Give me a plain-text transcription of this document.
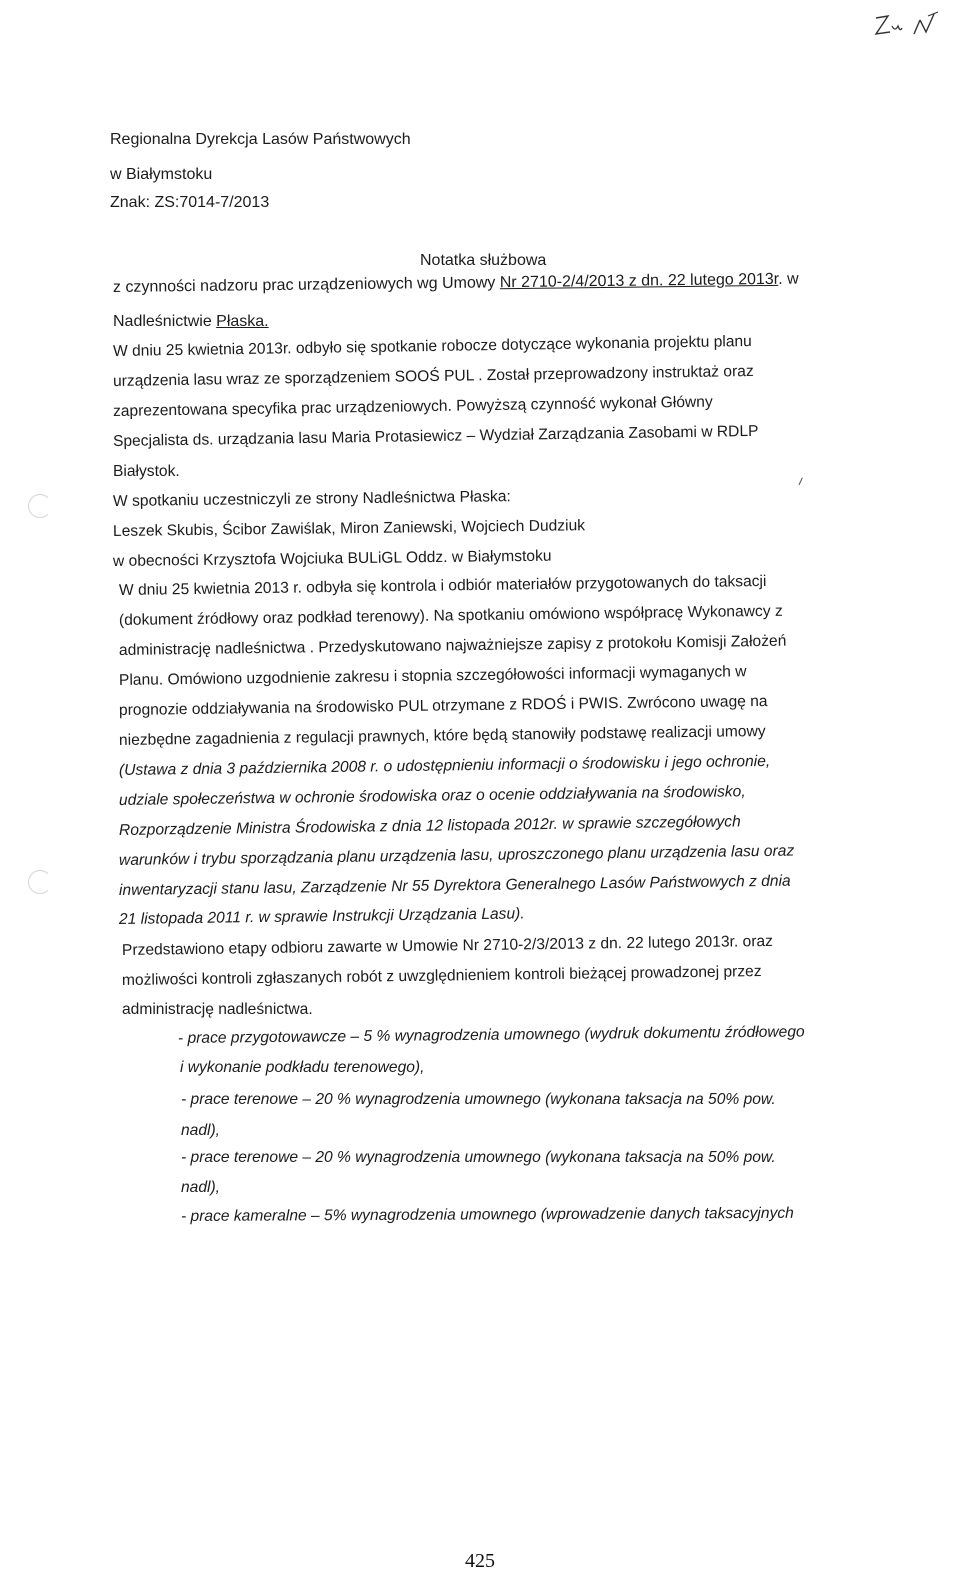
Regionalna Dyrekcja Lasów Państwowych
w Białymstoku
Znak: ZS:7014-7/2013
Notatka służbowa
z czynności nadzoru prac urządzeniowych wg Umowy Nr 2710-2/4/2013 z dn. 22 lutego 2013r. w
Nadleśnictwie Płaska.
W dniu 25 kwietnia 2013r. odbyło się spotkanie robocze dotyczące wykonania projektu planu
urządzenia lasu wraz ze sporządzeniem SOOŚ PUL . Został przeprowadzony instruktaż oraz
zaprezentowana specyfika prac urządzeniowych. Powyższą czynność wykonał Główny
Specjalista ds. urządzania lasu Maria Protasiewicz – Wydział Zarządzania Zasobami w RDLP
Białystok.
W spotkaniu uczestniczyli ze strony Nadleśnictwa Płaska:
Leszek Skubis, Ścibor Zawiślak, Miron Zaniewski, Wojciech Dudziuk
w obecności Krzysztofa Wojciuka BULiGL Oddz. w Białymstoku
W dniu 25 kwietnia 2013 r. odbyła się kontrola i odbiór materiałów przygotowanych do taksacji
(dokument źródłowy oraz podkład terenowy). Na spotkaniu omówiono współpracę Wykonawcy z
administrację nadleśnictwa . Przedyskutowano najważniejsze zapisy z protokołu Komisji Założeń
Planu. Omówiono uzgodnienie zakresu i stopnia szczegółowości informacji wymaganych w
prognozie oddziaływania na środowisko PUL otrzymane z RDOŚ i PWIS. Zwrócono uwagę na
niezbędne zagadnienia z regulacji prawnych, które będą stanowiły podstawę realizacji umowy
(Ustawa z dnia 3 października 2008 r. o udostępnieniu informacji o środowisku i jego ochronie,
udziale społeczeństwa w ochronie środowiska oraz o ocenie oddziaływania na środowisko,
Rozporządzenie Ministra Środowiska z dnia 12 listopada 2012r. w sprawie szczegółowych
warunków i trybu sporządzania planu urządzenia lasu, uproszczonego planu urządzenia lasu oraz
inwentaryzacji stanu lasu, Zarządzenie Nr 55 Dyrektora Generalnego Lasów Państwowych z dnia
21 listopada 2011 r. w sprawie Instrukcji Urządzania Lasu).
Przedstawiono etapy odbioru zawarte w Umowie Nr 2710-2/3/2013 z dn. 22 lutego 2013r. oraz
możliwości kontroli zgłaszanych robót z uwzględnieniem kontroli bieżącej prowadzonej przez
administrację nadleśnictwa.
- prace przygotowawcze – 5 % wynagrodzenia umownego (wydruk dokumentu źródłowego
i wykonanie podkładu terenowego),
- prace terenowe – 20 % wynagrodzenia umownego (wykonana taksacja na 50% pow.
nadl),
- prace terenowe – 20 % wynagrodzenia umownego (wykonana taksacja na 50% pow.
nadl),
- prace kameralne – 5% wynagrodzenia umownego (wprowadzenie danych taksacyjnych
425
